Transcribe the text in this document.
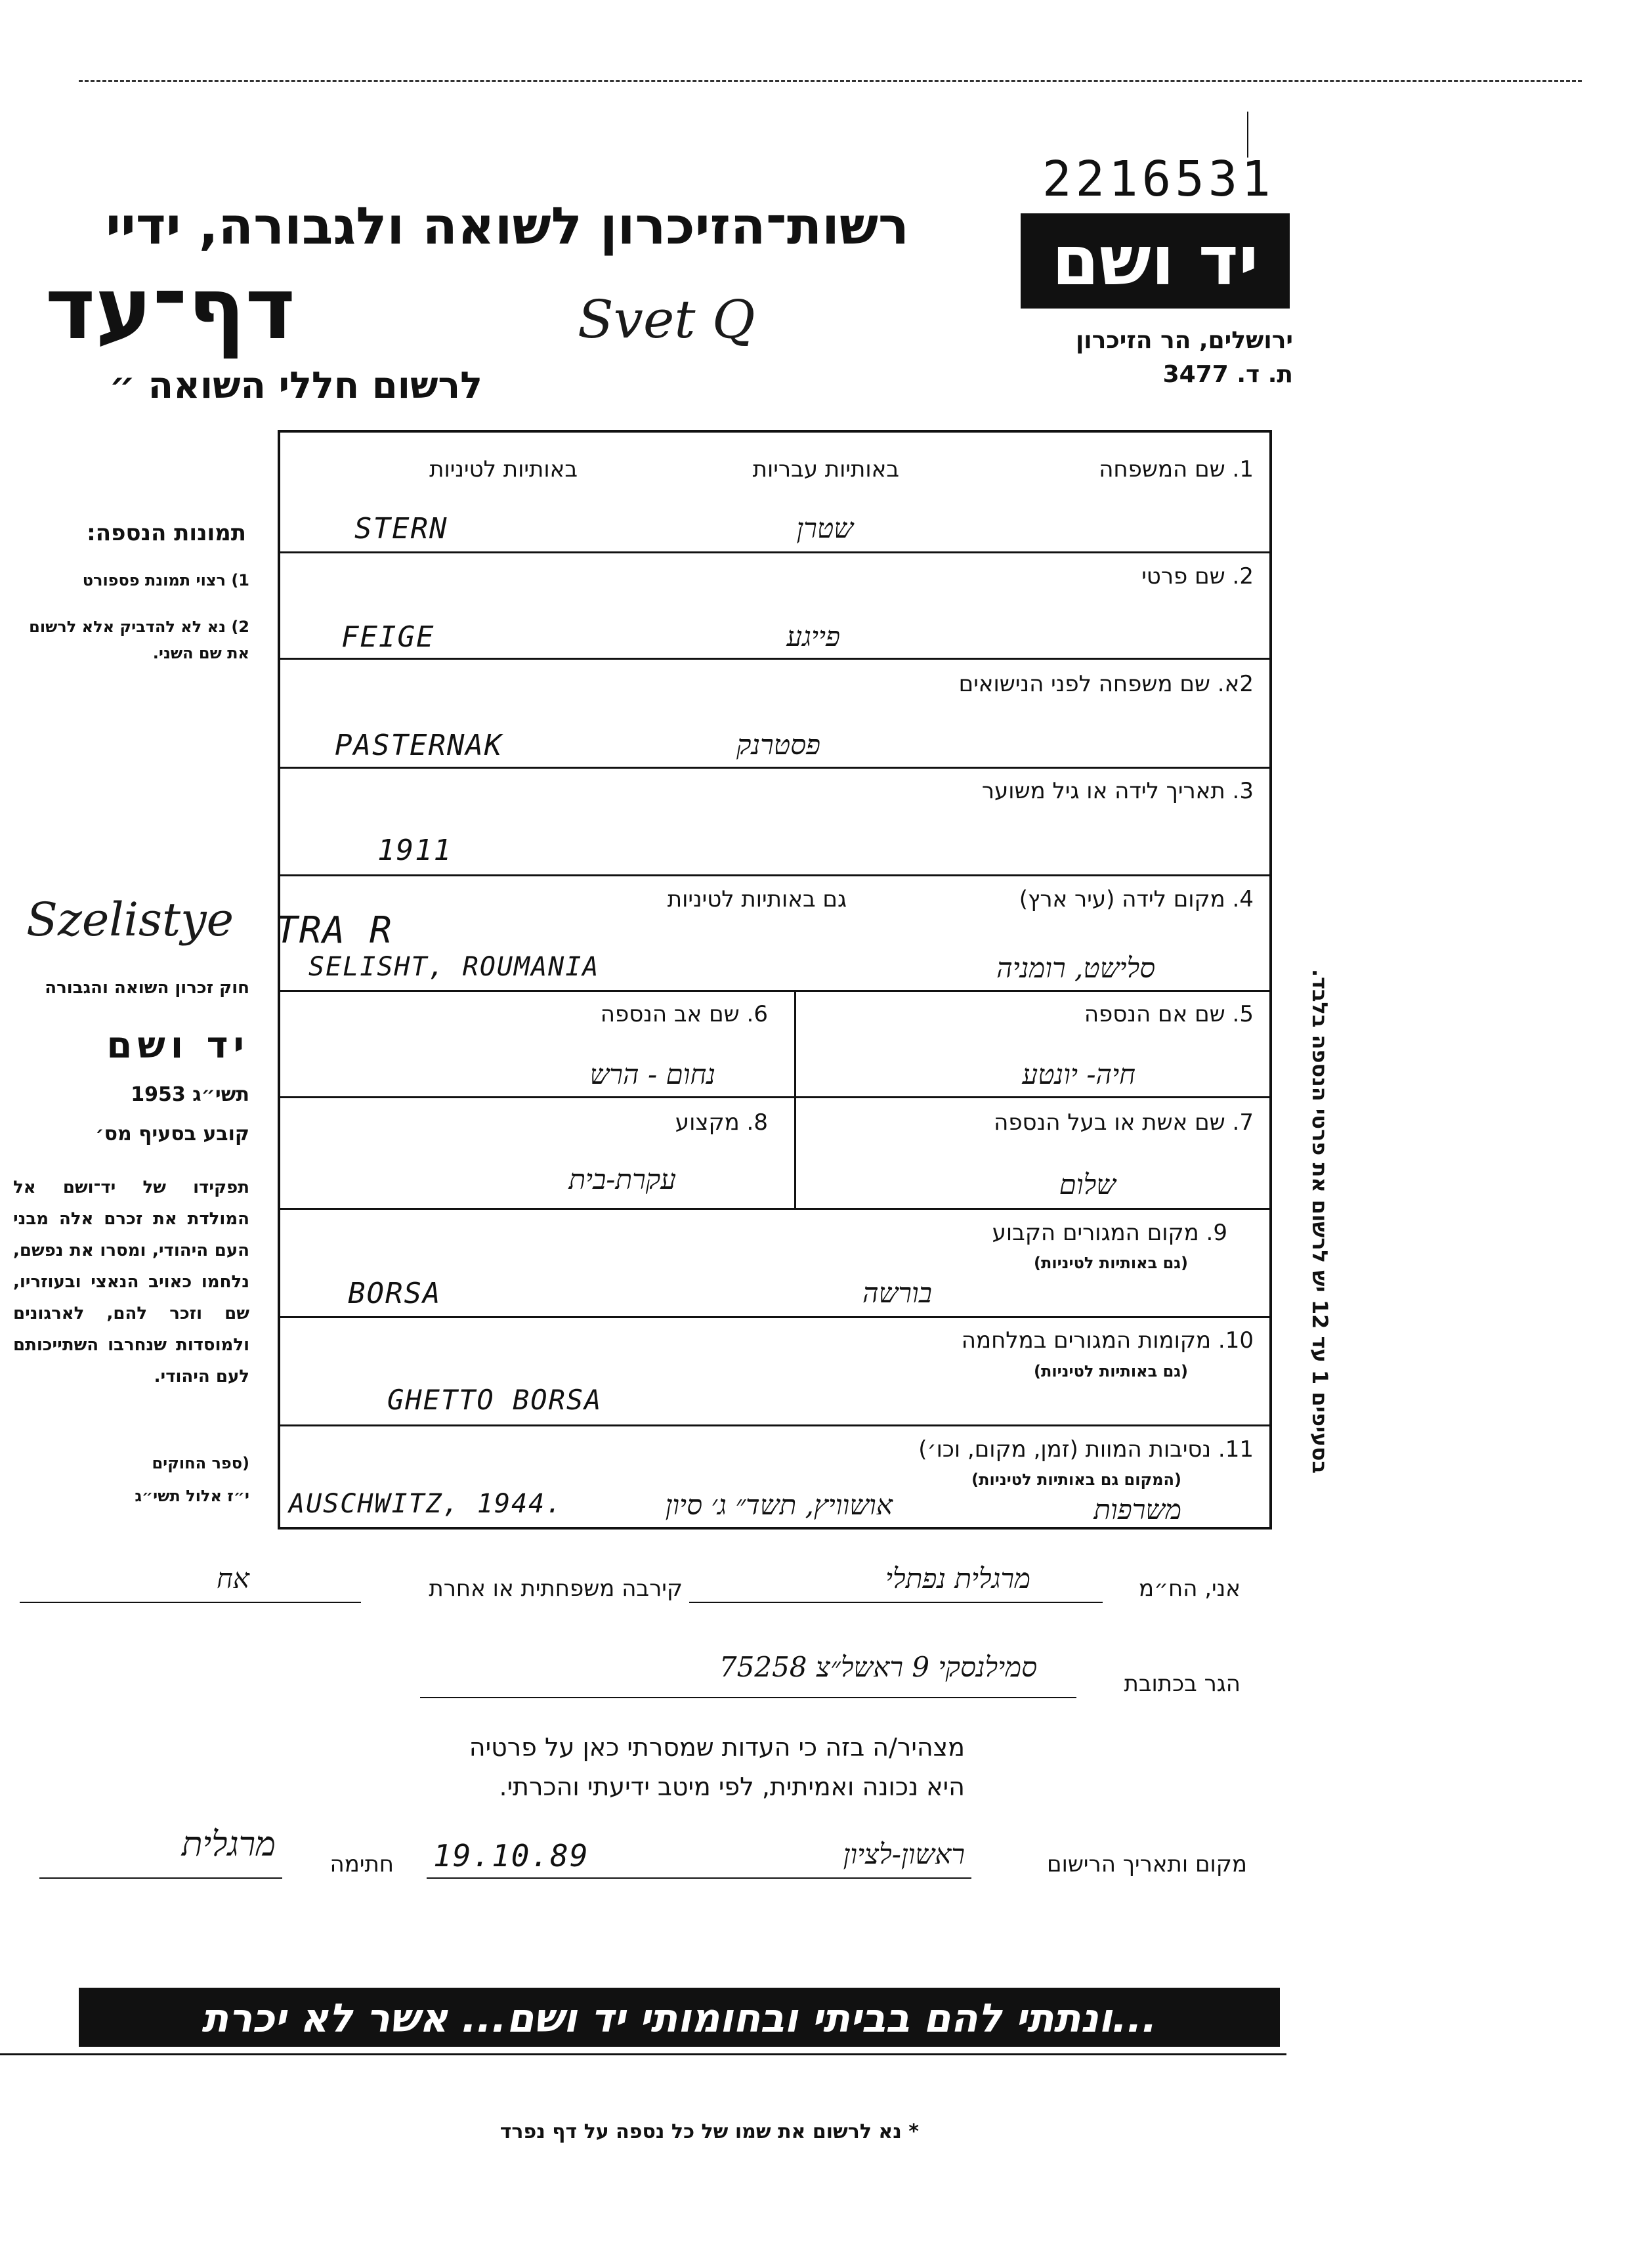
2216531
רשות־הזיכרון לשואה ולגבורה, ידיי
דף־עד
לרשום חללי השואה ״
Svet Q
יד ושם
ירושלים, הר הזיכרון
ת. ד. 3477
באותיות עבריות
באותיות לטיניות	1. שם המשפחה
STERN	שטרן
2. שם פרטי
FEIGE	פייגע
2א. שם משפחה לפני הנישואים
PASTERNAK	פסטרנק
3. תאריך לידה או גיל משוער
1911
4. מקום לידה (עיר ארץ)
גם באותיות לטיניות
TRA R
SELISHT, ROUMANIA	סלישט, רומניה
5. שם אם הנספה
חיה- יונטע
6. שם אב הנספה
נחום - הרש
7. שם אשת או בעל הנספה
שלום
8. מקצוע
עקרת-בית
9. מקום המגורים הקבוע
(גם באותיות לטיניות)
BORSA	בורשה
10. מקומות המגורים במלחמה
(גם באותיות לטיניות)
GHETTO BORSA
11. נסיבות המוות (זמן, מקום, וכו׳)
(המקום גם באותיות לטיניות)
AUSCHWITZ, 1944.	אושוויץ, תשד״ ג׳ סיון	משרפות
אני, הח״מ
מרגלית נפתלי
קירבה משפחתית או אחרת
אח
הגר בכתובת
סמילנסקי 9 ראשל״צ 75258
מצהיר/ה בזה כי העדות שמסרתי כאן על פרטיה
היא נכונה ואמיתית, לפי מיטב ידיעתי והכרתי.
מקום ותאריך הרישום
ראשון-לציון
19.10.89
חתימה
מרגלית
תמונות הנספה:
1) רצוי תמונת פספורט
2) נא לא להדביק אלא לרשום את שם השני.
Szelistye
חוק זכרון השואה והגבורה
יד ושם
תשי״ג 1953
קובע בסעיף מס׳
תפקידו של יד־ושם אל המולדת את זכרם אלה מבני העם היהודי, ומסרו את נפשם, נלחמו כאויב הנאצי ובעוזריו, שם וזכר להם, לארגונים ולמוסדות שנחרבו השתייכותם לעם היהודי.
(ספר החוקים
י״ז אלול תשי״ג
בסעיפים 1 עד 12 יש לרשום את פרטי הנספה בלבד.
...ונתתי להם בביתי ובחומותי יד ושם... אשר לא יכרת
* נא לרשום את שמו של כל נספה על דף נפרד
